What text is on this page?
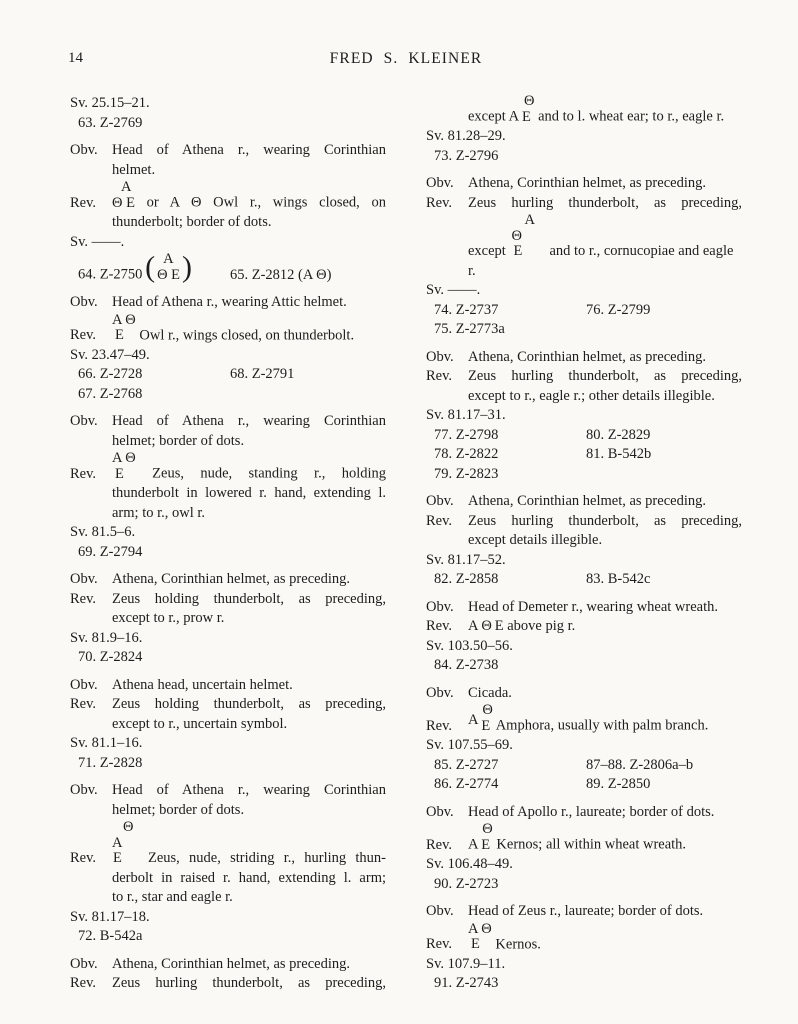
14	FRED S. KLEINER
Sv. 25.15–21.
63. Z-2769
Obv. Head of Athena r., wearing Corinthian
helmet.
Rev.
A
Θ E or A Θ Owl r., wings closed, on
thunderbolt; border of dots.
Sv. ——.
64. Z-2750
( A
Θ E
)	65. Z-2812 (A Θ)
Obv. Head of Athena r., wearing Attic helmet.
Rev.
A Θ
E Owl r., wings closed, on thunderbolt.
Sv. 23.47–49.
66. Z-2728	68. Z-2791
67. Z-2768
Obv. Head of Athena r., wearing Corinthian
helmet; border of dots.
Rev.
A Θ
E Zeus, nude, standing r., holding
thunderbolt in lowered r. hand, extending l.
arm; to r., owl r.
Sv. 81.5–6.
69. Z-2794
Obv. Athena, Corinthian helmet, as preceding.
Rev. Zeus holding thunderbolt, as preceding,
except to r., prow r.
Sv. 81.9–16.
70. Z-2824
Obv. Athena head, uncertain helmet.
Rev. Zeus holding thunderbolt, as preceding,
except to r., uncertain symbol.
Sv. 81.1–16.
71. Z-2828
Obv. Head of Athena r., wearing Corinthian
helmet; border of dots.
Rev.
Θ
A
E   Zeus, nude, striding r., hurling thun-
derbolt in raised r. hand, extending l. arm;
to r., star and eagle r.
Sv. 81.17–18.
72. B-542a
Obv. Athena, Corinthian helmet, as preceding.
Rev. Zeus hurling thunderbolt, as preceding,
except A
Θ
E and to l. wheat ear; to r., eagle r.
Sv. 81.28–29.
73. Z-2796
Obv. Athena, Corinthian helmet, as preceding.
Rev. Zeus hurling thunderbolt, as preceding,
except
A
Θ
E   and to r., cornucopiae and eagle
r.
Sv. ——.
74. Z-2737	76. Z-2799
75. Z-2773a
Obv. Athena, Corinthian helmet, as preceding.
Rev. Zeus hurling thunderbolt, as preceding,
except to r., eagle r.; other details illegible.
Sv. 81.17–31.
77. Z-2798	80. Z-2829
78. Z-2822	81. B-542b
79. Z-2823
Obv. Athena, Corinthian helmet, as preceding.
Rev. Zeus hurling thunderbolt, as preceding,
except details illegible.
Sv. 81.17–52.
82. Z-2858	83. B-542c
Obv. Head of Demeter r., wearing wheat wreath.
Rev. A Θ E above pig r.
Sv. 103.50–56.
84. Z-2738
Obv. Cicada.
Rev. A 
Θ
E Amphora, usually with palm branch.
Sv. 107.55–69.
85. Z-2727	87–88. Z-2806a–b
86. Z-2774	89. Z-2850
Obv. Head of Apollo r., laureate; border of dots.
Rev. A
Θ
E Kernos; all within wheat wreath.
Sv. 106.48–49.
90. Z-2723
Obv. Head of Zeus r., laureate; border of dots.
Rev.
A Θ
E Kernos.
Sv. 107.9–11.
91. Z-2743
